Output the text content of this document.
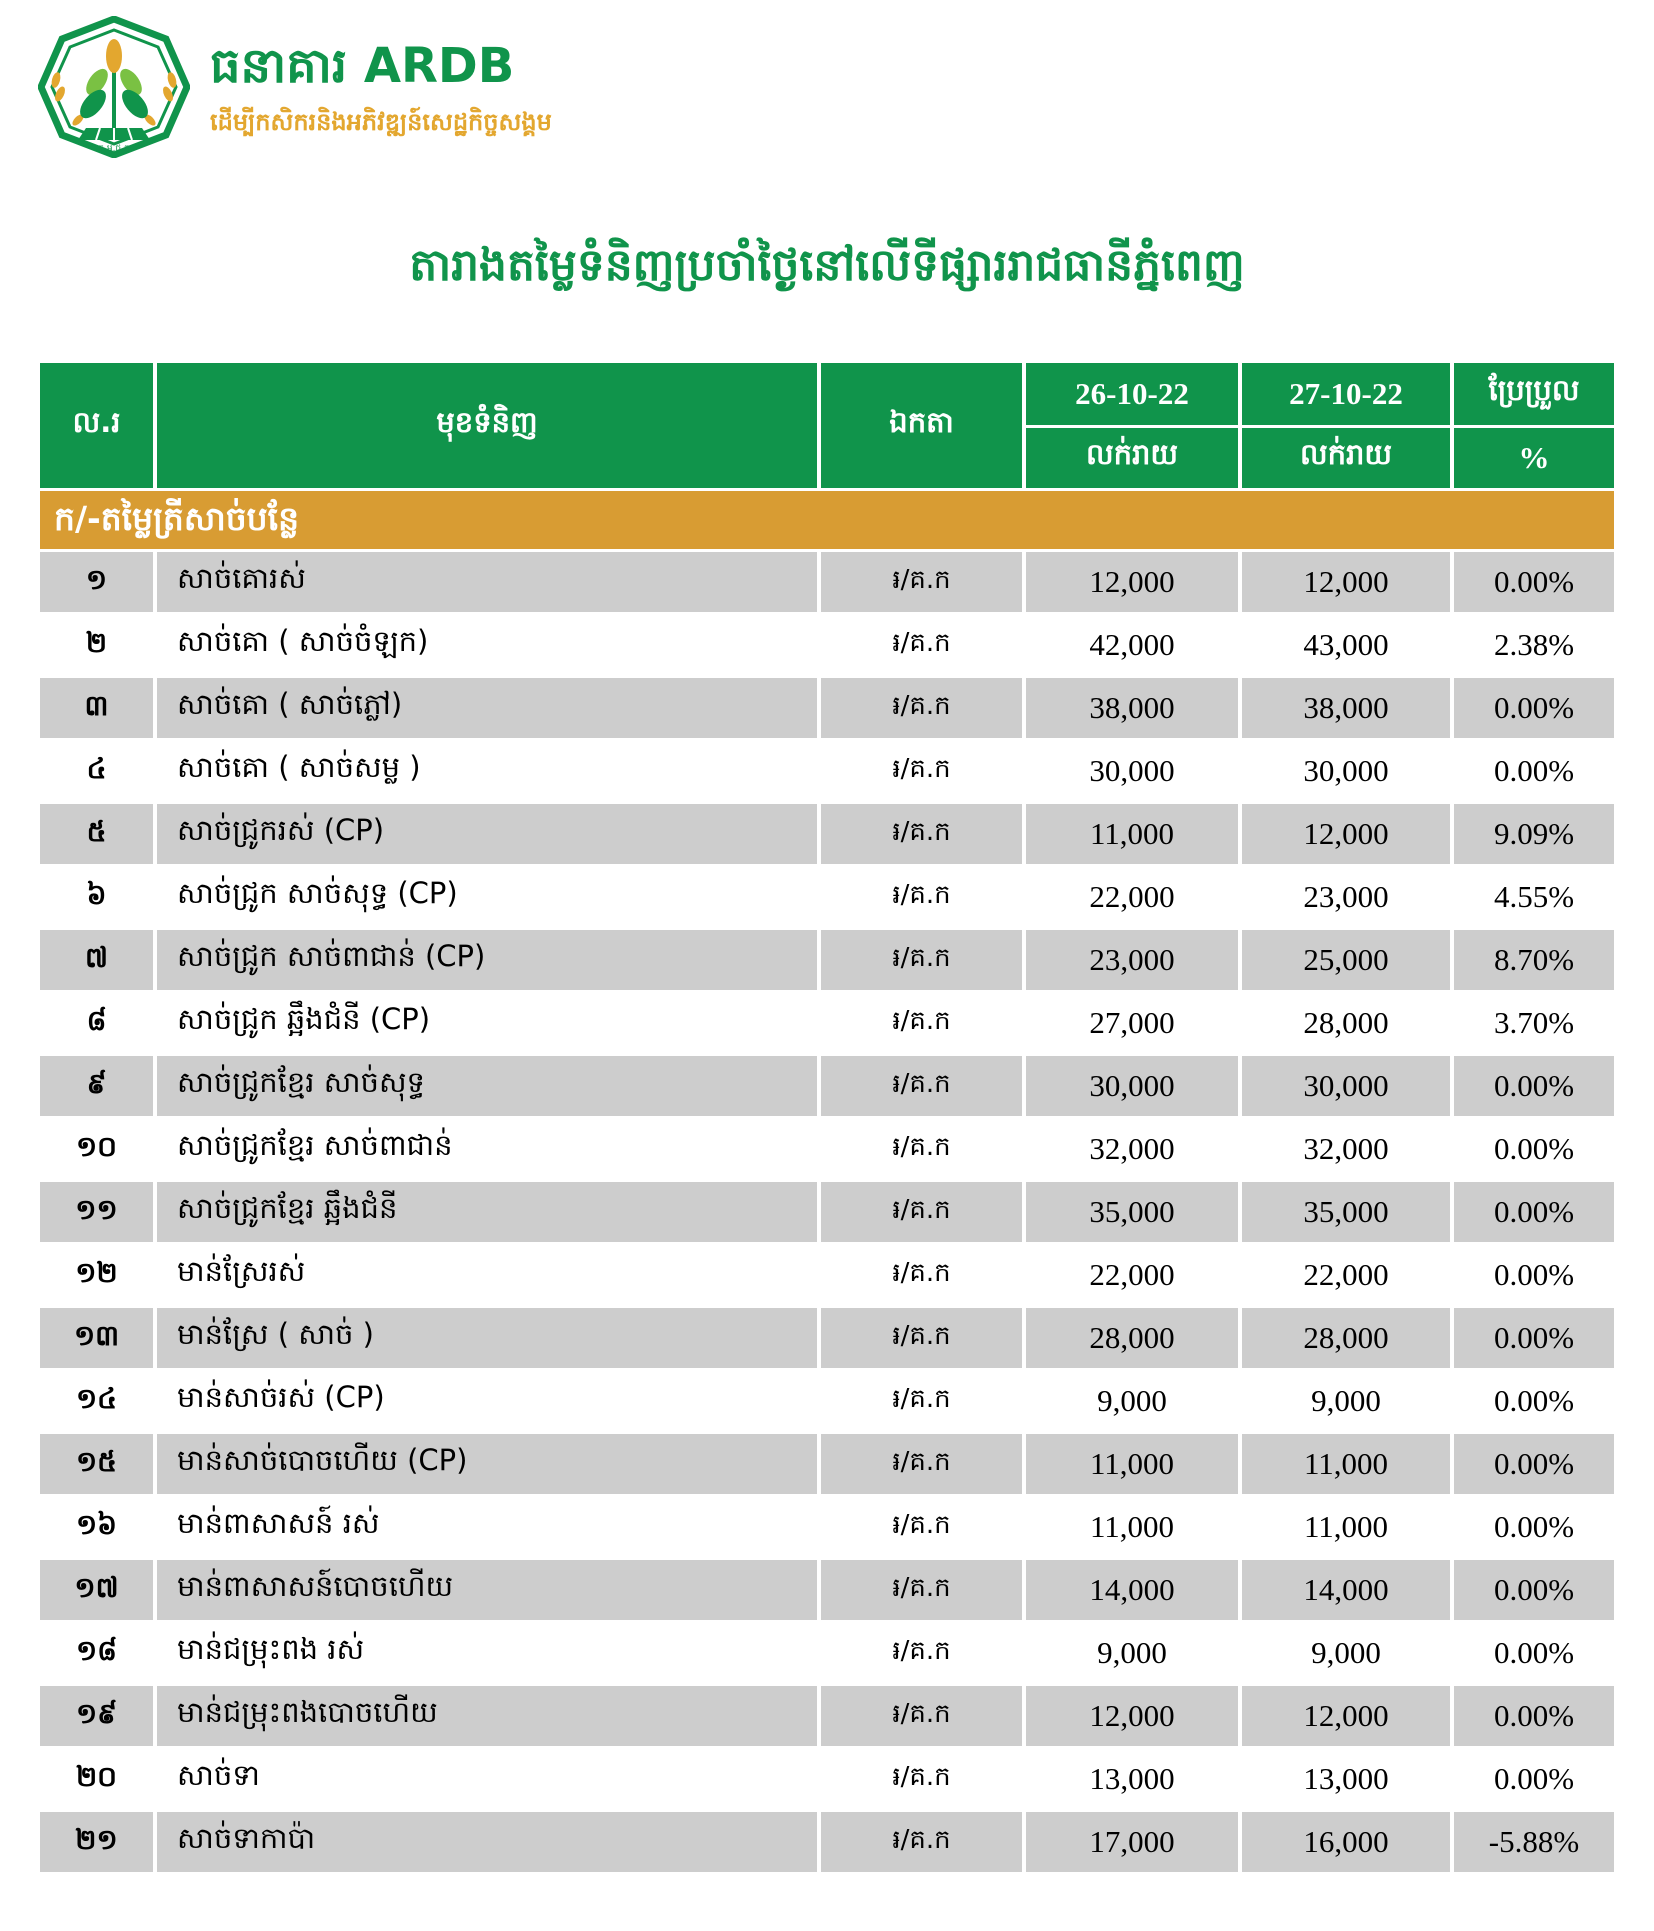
ធ.អ.ជ.ក
ធនាគារ ARDB
ដើម្បីកសិករនិងអភិវឌ្ឍន៍សេដ្ឋកិច្ចសង្គម
តារាងតម្លៃទំនិញប្រចាំថ្ងៃនៅលើទីផ្សាររាជធានីភ្នំពេញ
ល.រ	មុខទំនិញ	ឯកតា
26-10-22	27-10-22	ប្រែប្រួល
លក់រាយ	លក់រាយ	%
ក/-តម្លៃត្រីសាច់បន្លែ
១	សាច់គោរស់	៛/គ.ក	12,000	12,000	0.00%
២	សាច់គោ ( សាច់ចំឡក)	៛/គ.ក	42,000	43,000	2.38%
៣	សាច់គោ ( សាច់ភ្លៅ)	៛/គ.ក	38,000	38,000	0.00%
៤	សាច់គោ ( សាច់សម្ល )	៛/គ.ក	30,000	30,000	0.00%
៥	សាច់ជ្រូករស់ (CP)	៛/គ.ក	11,000	12,000	9.09%
៦	សាច់ជ្រូក សាច់សុទ្ធ (CP)	៛/គ.ក	22,000	23,000	4.55%
៧	សាច់ជ្រូក សាច់ពាជាន់ (CP)	៛/គ.ក	23,000	25,000	8.70%
៨	សាច់ជ្រូក ឆ្អឹងជំនី (CP)	៛/គ.ក	27,000	28,000	3.70%
៩	សាច់ជ្រូកខ្មែរ សាច់សុទ្ធ	៛/គ.ក	30,000	30,000	0.00%
១០	សាច់ជ្រូកខ្មែរ សាច់ពាជាន់	៛/គ.ក	32,000	32,000	0.00%
១១	សាច់ជ្រូកខ្មែរ ឆ្អឹងជំនី	៛/គ.ក	35,000	35,000	0.00%
១២	មាន់ស្រែរស់	៛/គ.ក	22,000	22,000	0.00%
១៣	មាន់ស្រែ ( សាច់ )	៛/គ.ក	28,000	28,000	0.00%
១៤	មាន់សាច់រស់ (CP)	៛/គ.ក	9,000	9,000	0.00%
១៥	មាន់សាច់បោចហើយ (CP)	៛/គ.ក	11,000	11,000	0.00%
១៦	មាន់ពាសាសន៍ រស់	៛/គ.ក	11,000	11,000	0.00%
១៧	មាន់ពាសាសន៍បោចហើយ	៛/គ.ក	14,000	14,000	0.00%
១៨	មាន់ជម្រុះពង រស់	៛/គ.ក	9,000	9,000	0.00%
១៩	មាន់ជម្រុះពងបោចហើយ	៛/គ.ក	12,000	12,000	0.00%
២០	សាច់ទា	៛/គ.ក	13,000	13,000	0.00%
២១	សាច់ទាកាប៉ា	៛/គ.ក	17,000	16,000	-5.88%
